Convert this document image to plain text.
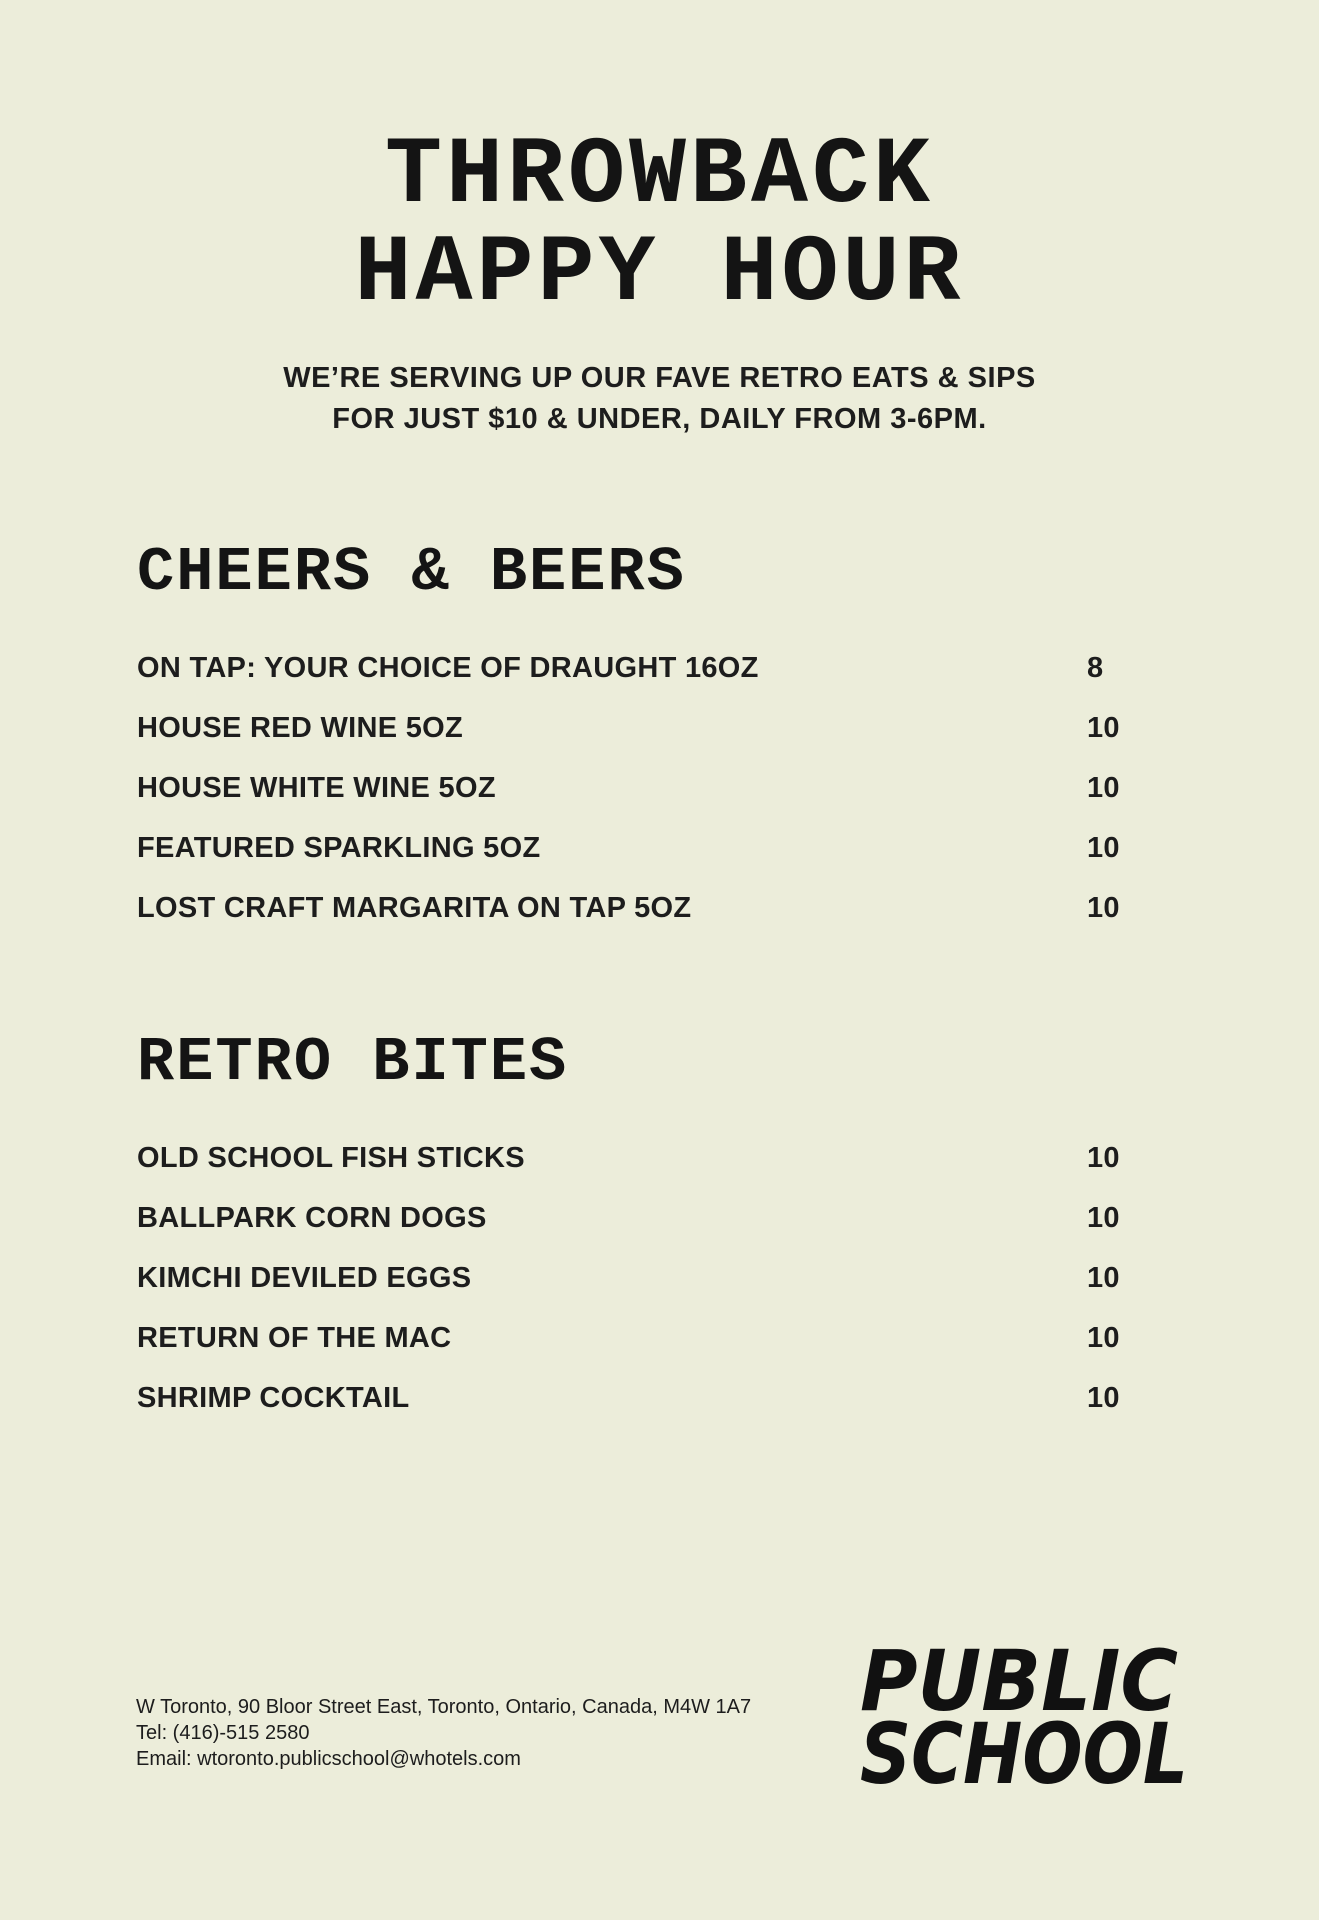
THROWBACK
HAPPY HOUR
WE’RE SERVING UP OUR FAVE RETRO EATS & SIPS
FOR JUST $10 & UNDER, DAILY FROM 3-6PM.
CHEERS & BEERS
ON TAP: YOUR CHOICE OF DRAUGHT 16OZ	8
HOUSE RED WINE 5OZ	10
HOUSE WHITE WINE 5OZ	10
FEATURED SPARKLING 5OZ	10
LOST CRAFT MARGARITA ON TAP 5OZ	10
RETRO BITES
OLD SCHOOL FISH STICKS	10
BALLPARK CORN DOGS	10
KIMCHI DEVILED EGGS	10
RETURN OF THE MAC	10
SHRIMP COCKTAIL	10
W Toronto, 90 Bloor Street East, Toronto, Ontario, Canada, M4W 1A7
Tel: (416)-515 2580
Email: wtoronto.publicschool@whotels.com
PUBLIC
SCHOOL
